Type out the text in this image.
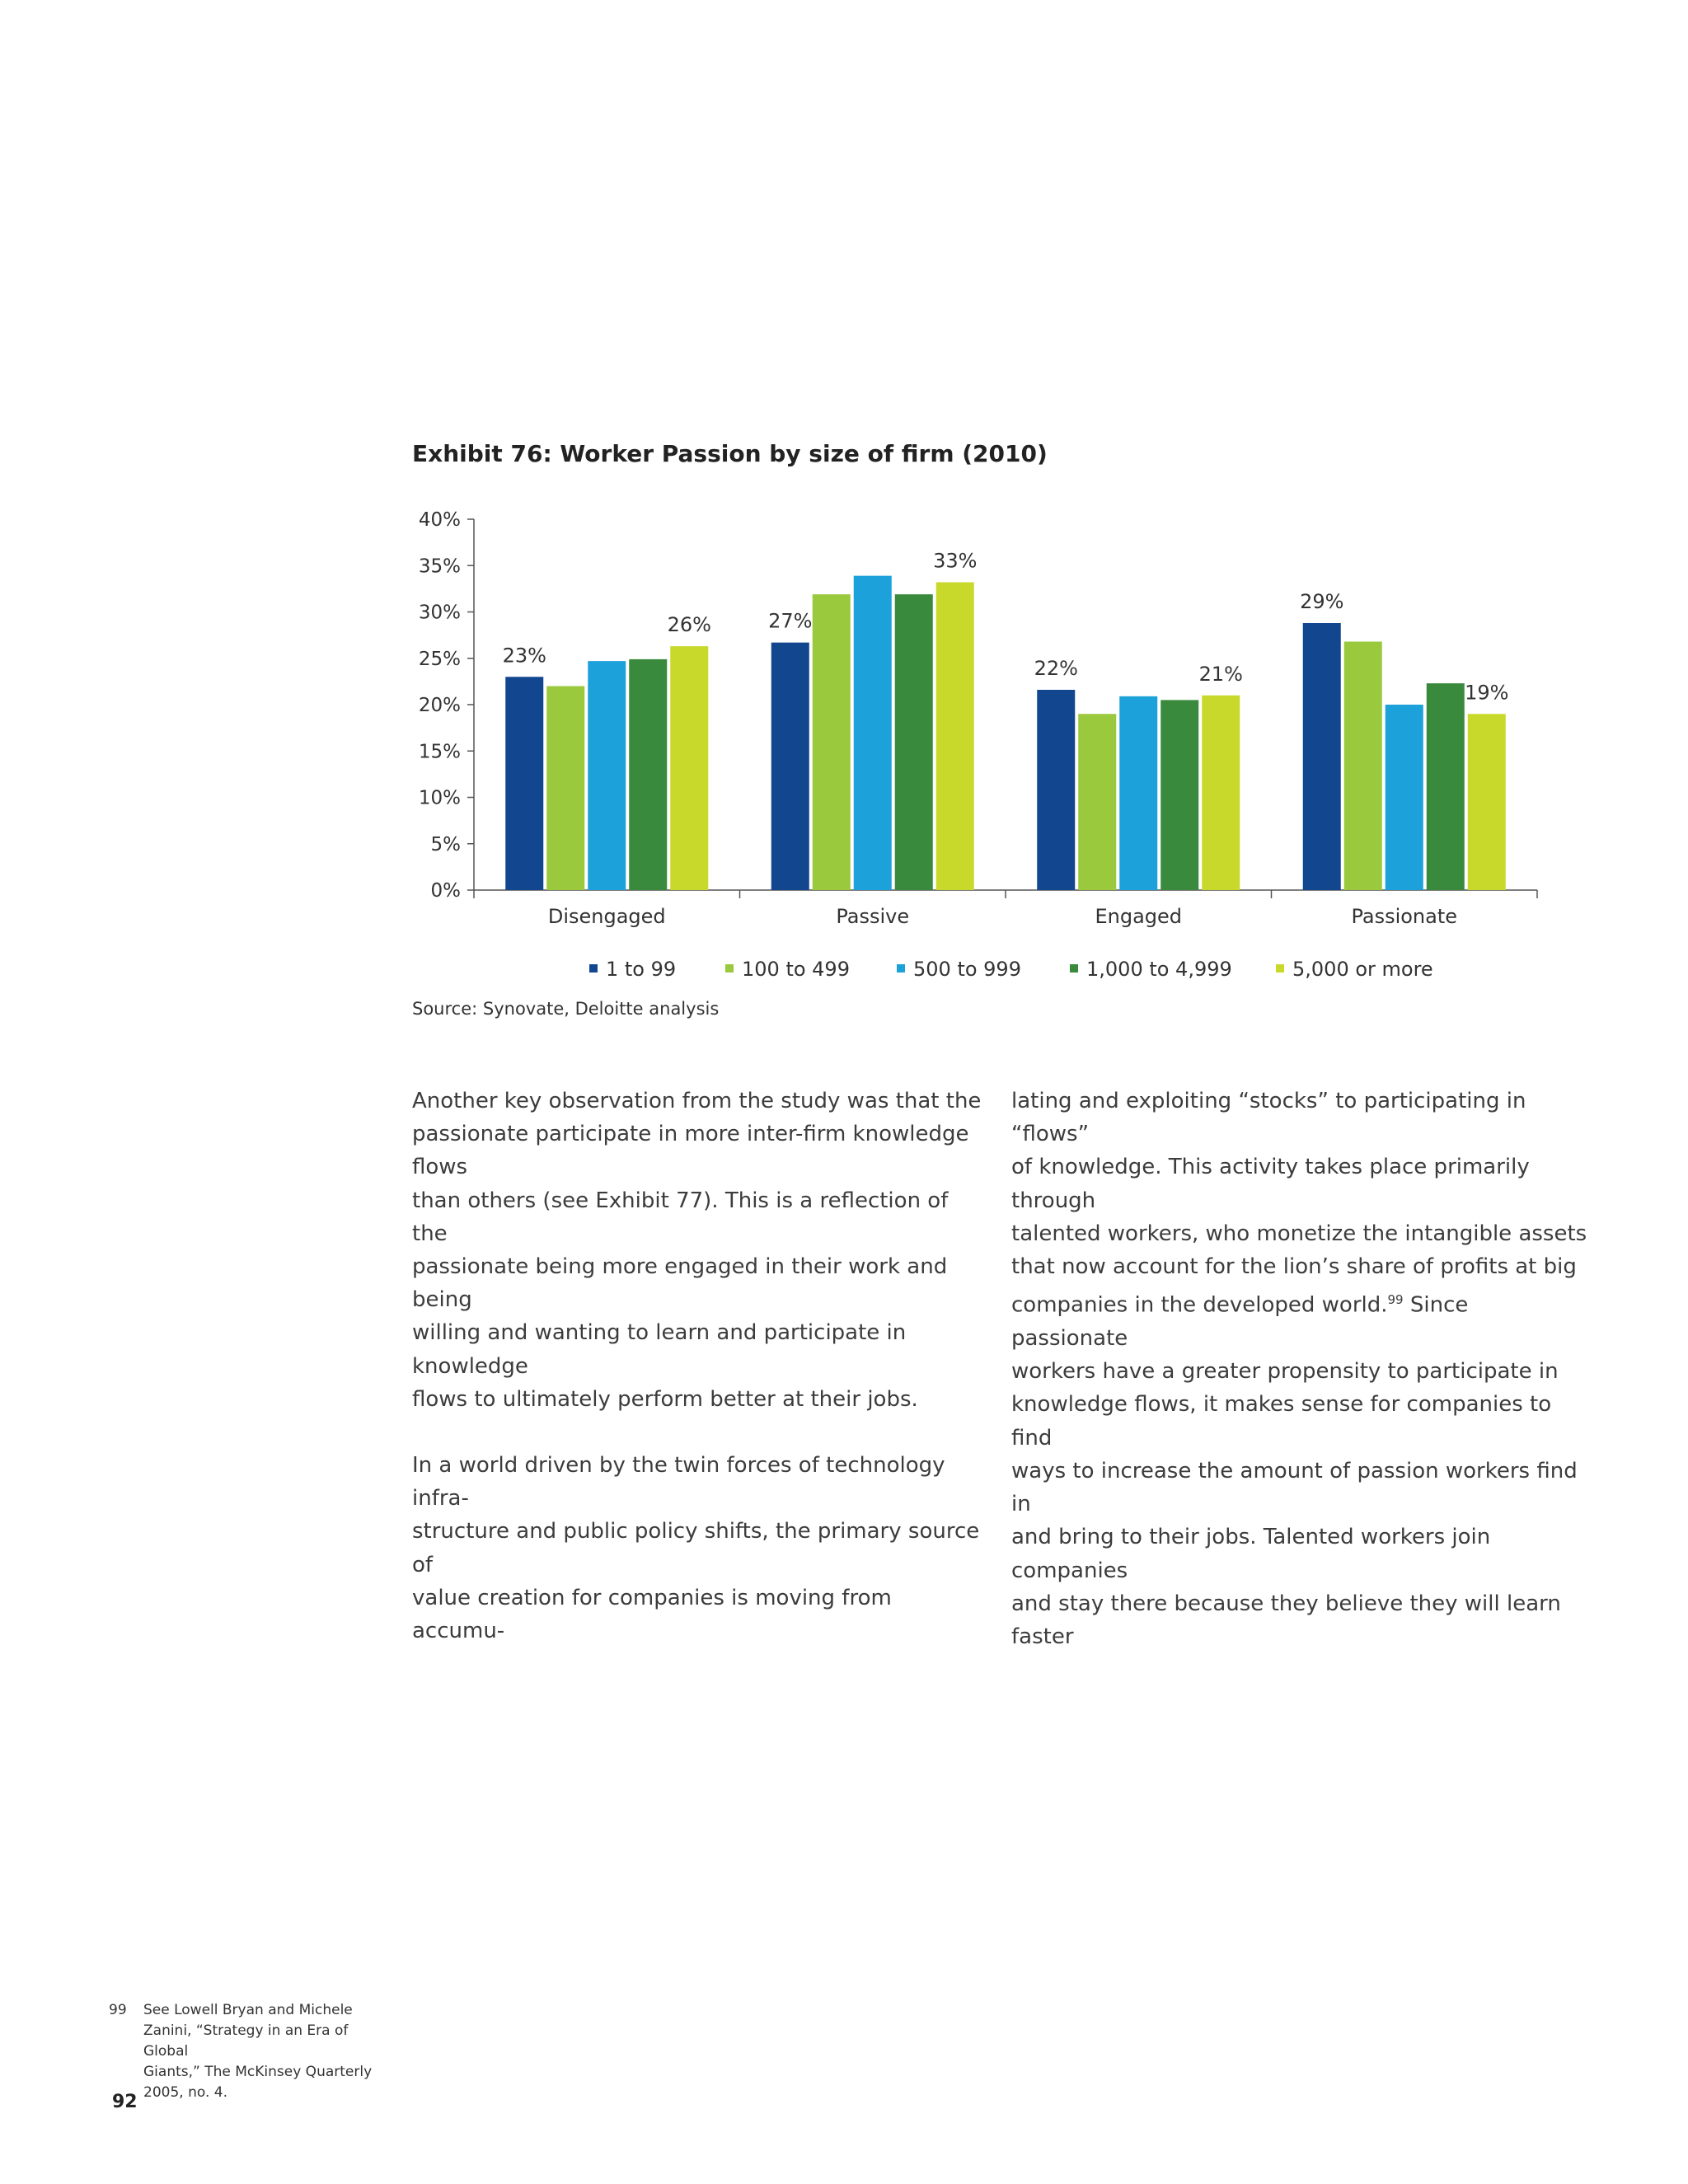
Exhibit 76: Worker Passion by size of firm (2010)
0%
5%
10%
15%
20%
25%
30%
35%
40%
23%
26%
Disengaged
27%
33%
Passive
22%	21%
Engaged
29%
19%
Passionate
1 to 99	100 to 499	500 to 999	1,000 to 4,999	5,000 or more
Source: Synovate, Deloitte analysis

Another key observation from the study was that the
passionate participate in more inter-firm knowledge flows
than others (see Exhibit 77). This is a reflection of the
passionate being more engaged in their work and being
willing and wanting to learn and participate in knowledge
flows to ultimately perform better at their jobs.

In a world driven by the twin forces of technology infra-
structure and public policy shifts, the primary source of
value creation for companies is moving from accumu-

lating and exploiting “stocks” to participating in “flows”
of knowledge. This activity takes place primarily through
talented workers, who monetize the intangible assets
that now account for the lion’s share of profits at big
companies in the developed world.$^{99}$ Since passionate
workers have a greater propensity to participate in
knowledge flows, it makes sense for companies to find
ways to increase the amount of passion workers find in
and bring to their jobs. Talented workers join companies
and stay there because they believe they will learn faster

99 See Lowell Bryan and Michele
Zanini, “Strategy in an Era of Global
Giants,” The McKinsey Quarterly
2005, no. 4.
92
